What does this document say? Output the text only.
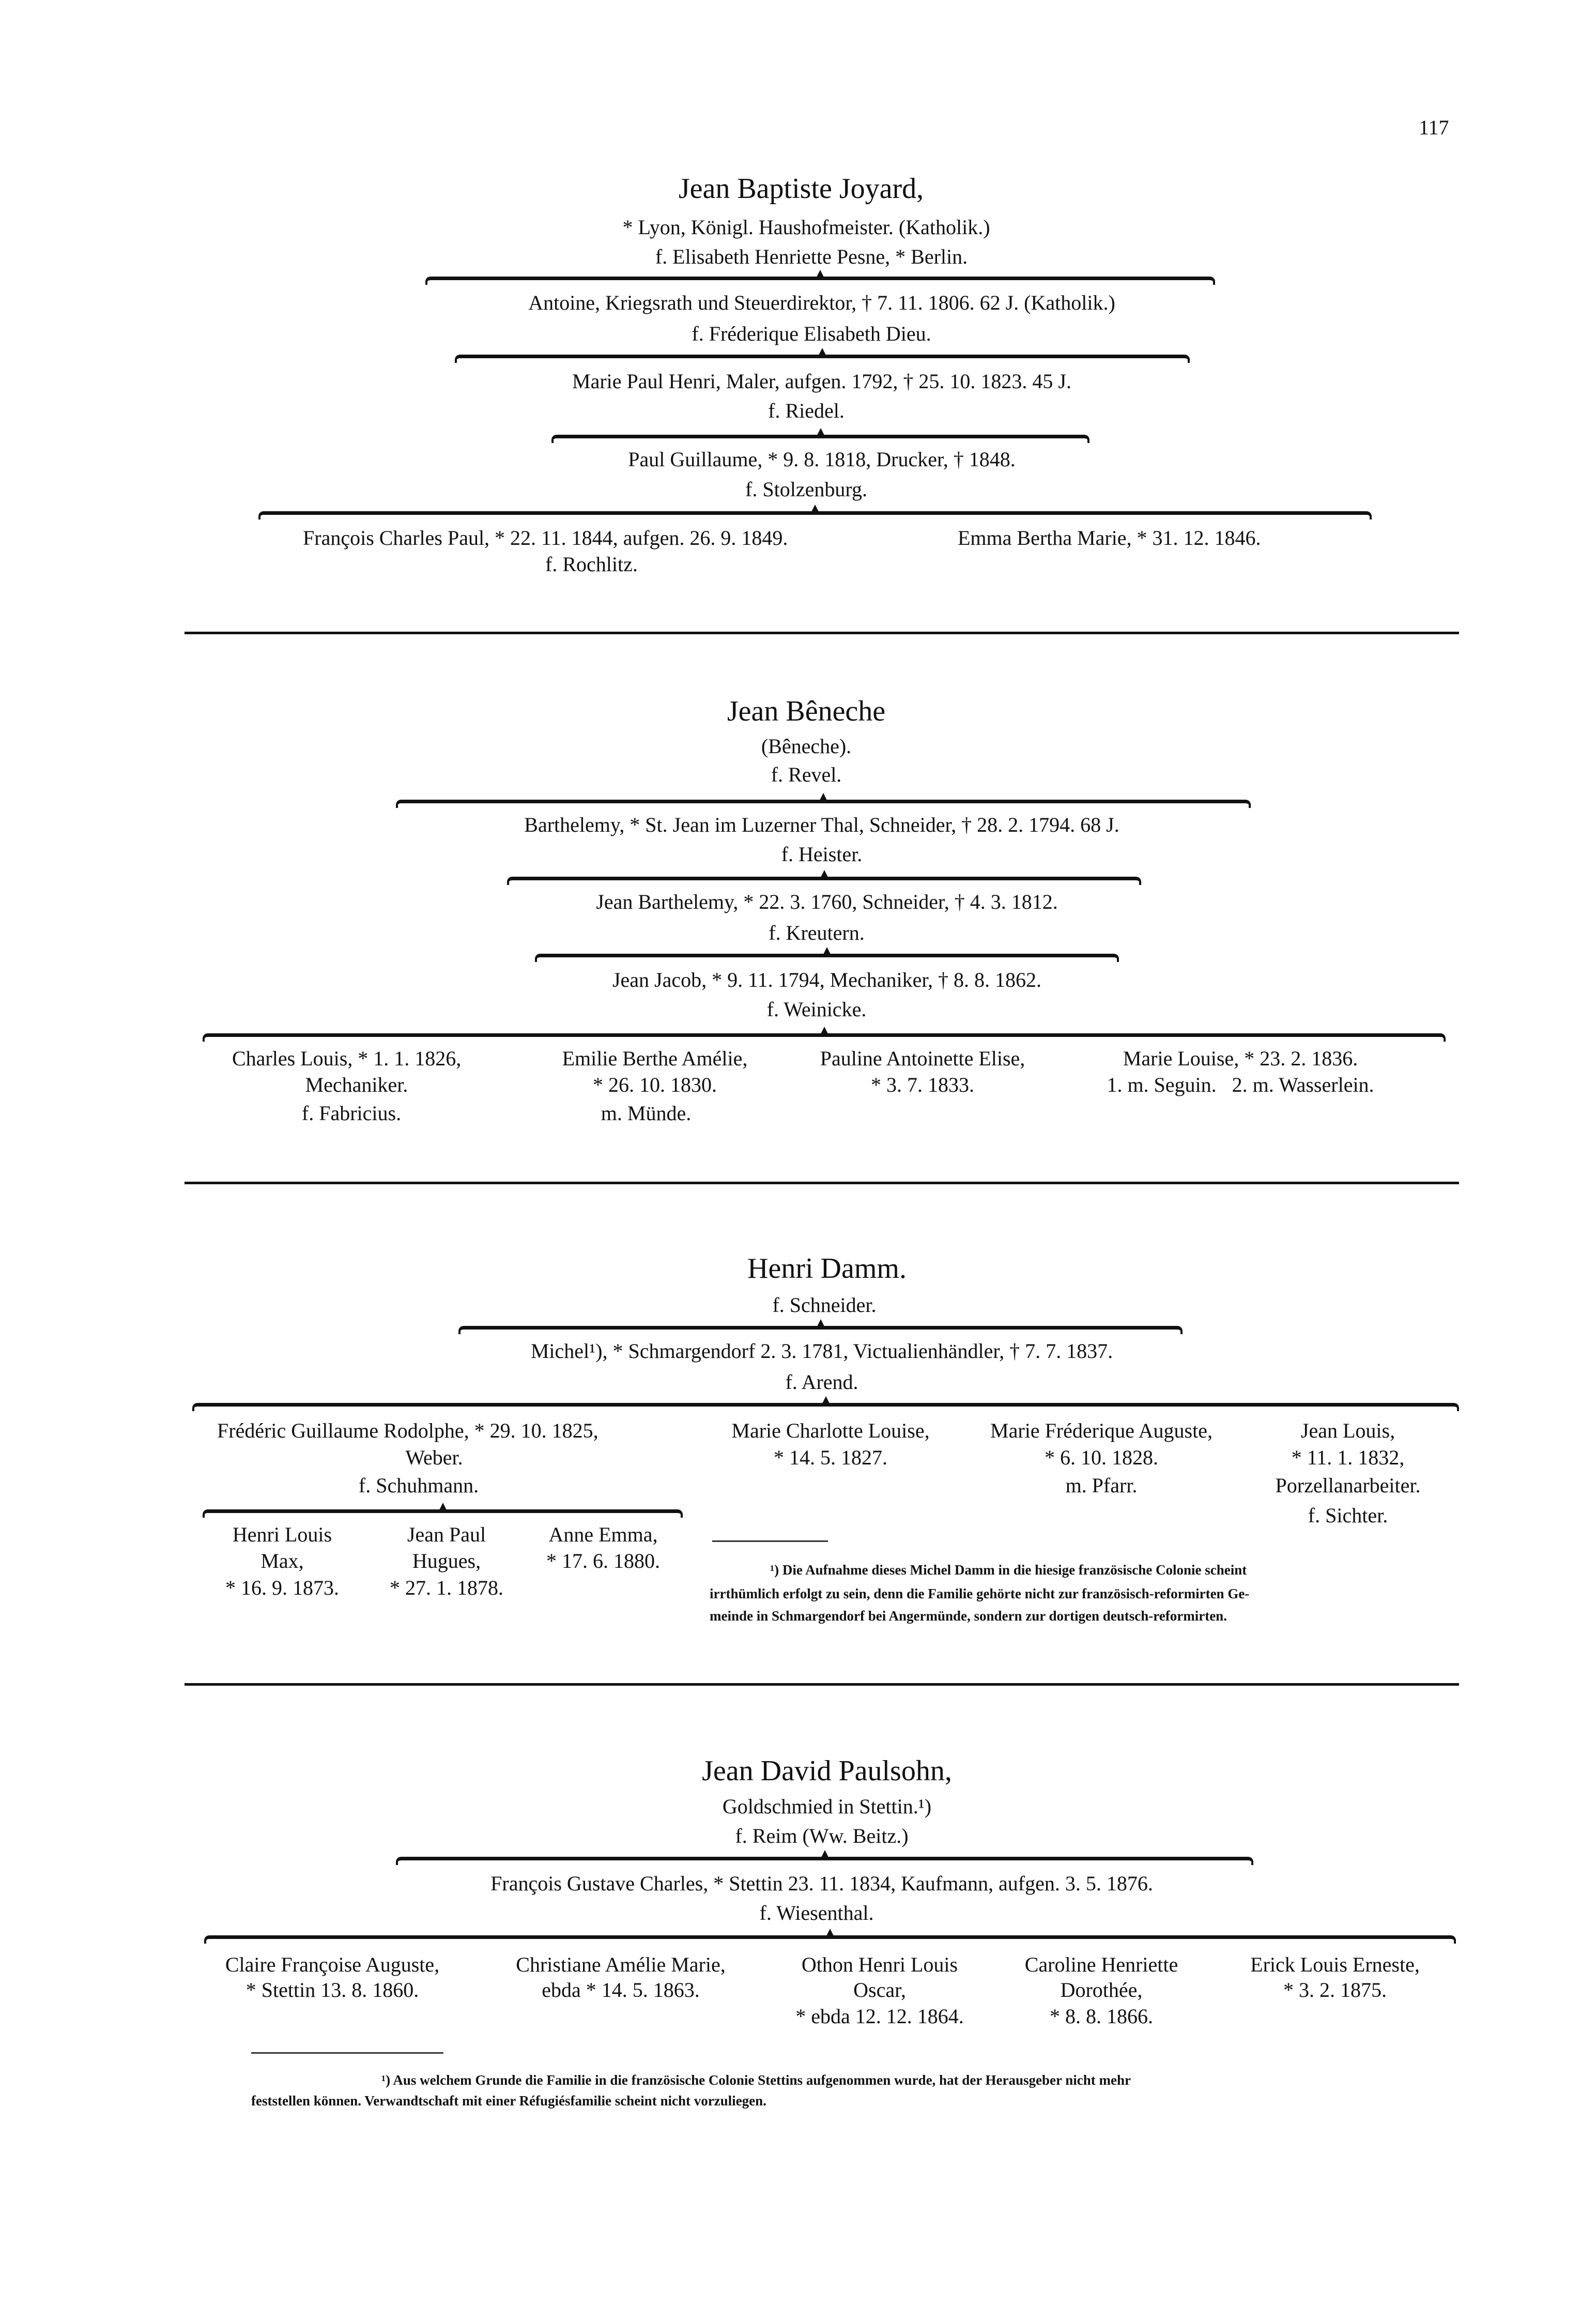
117
Jean Baptiste Joyard,
* Lyon, Königl. Haushofmeister. (Katholik.)
f. Elisabeth Henriette Pesne, * Berlin.
Antoine, Kriegsrath und Steuerdirektor, † 7. 11. 1806. 62 J. (Katholik.)
f. Fréderique Elisabeth Dieu.
Marie Paul Henri, Maler, aufgen. 1792, † 25. 10. 1823. 45 J.
f. Riedel.
Paul Guillaume, * 9. 8. 1818, Drucker, † 1848.
f. Stolzenburg.
François Charles Paul, * 22. 11. 1844, aufgen. 26. 9. 1849.
f. Rochlitz.
Emma Bertha Marie, * 31. 12. 1846.
Jean Bêneche
(Bêneche).
f. Revel.
Barthelemy, * St. Jean im Luzerner Thal, Schneider, † 28. 2. 1794. 68 J.
f. Heister.
Jean Barthelemy, * 22. 3. 1760, Schneider, † 4. 3. 1812.
f. Kreutern.
Jean Jacob, * 9. 11. 1794, Mechaniker, † 8. 8. 1862.
f. Weinicke.
Charles Louis, * 1. 1. 1826,
Mechaniker.
f. Fabricius.
Emilie Berthe Amélie,
* 26. 10. 1830.
m. Münde.
Pauline Antoinette Elise,
* 3. 7. 1833.
Marie Louise, * 23. 2. 1836.
1. m. Seguin.   2. m. Wasserlein.
Henri Damm.
f. Schneider.
Michel¹), * Schmargendorf 2. 3. 1781, Victualienhändler, † 7. 7. 1837.
f. Arend.
Frédéric Guillaume Rodolphe, * 29. 10. 1825,
Weber.
f. Schuhmann.
Marie Charlotte Louise,
* 14. 5. 1827.
Marie Fréderique Auguste,
* 6. 10. 1828.
m. Pfarr.
Jean Louis,
* 11. 1. 1832,
Porzellanarbeiter.
f. Sichter.
Henri Louis
Max,
* 16. 9. 1873.
Jean Paul
Hugues,
* 27. 1. 1878.
Anne Emma,
* 17. 6. 1880.	¹) Die Aufnahme dieses Michel Damm in die hiesige französische Colonie scheint
irrthümlich erfolgt zu sein, denn die Familie gehörte nicht zur französisch-reformirten Ge-
meinde in Schmargendorf bei Angermünde, sondern zur dortigen deutsch-reformirten.
Jean David Paulsohn,
Goldschmied in Stettin.¹)
f. Reim (Ww. Beitz.)
François Gustave Charles, * Stettin 23. 11. 1834, Kaufmann, aufgen. 3. 5. 1876.
f. Wiesenthal.
Claire Françoise Auguste,
* Stettin 13. 8. 1860.
Christiane Amélie Marie,
ebda * 14. 5. 1863.
Othon Henri Louis
Oscar,
* ebda 12. 12. 1864.
Caroline Henriette
Dorothée,
* 8. 8. 1866.
Erick Louis Erneste,
* 3. 2. 1875.
¹) Aus welchem Grunde die Familie in die französische Colonie Stettins aufgenommen wurde, hat der Herausgeber nicht mehr
feststellen können. Verwandtschaft mit einer Réfugiésfamilie scheint nicht vorzuliegen.
